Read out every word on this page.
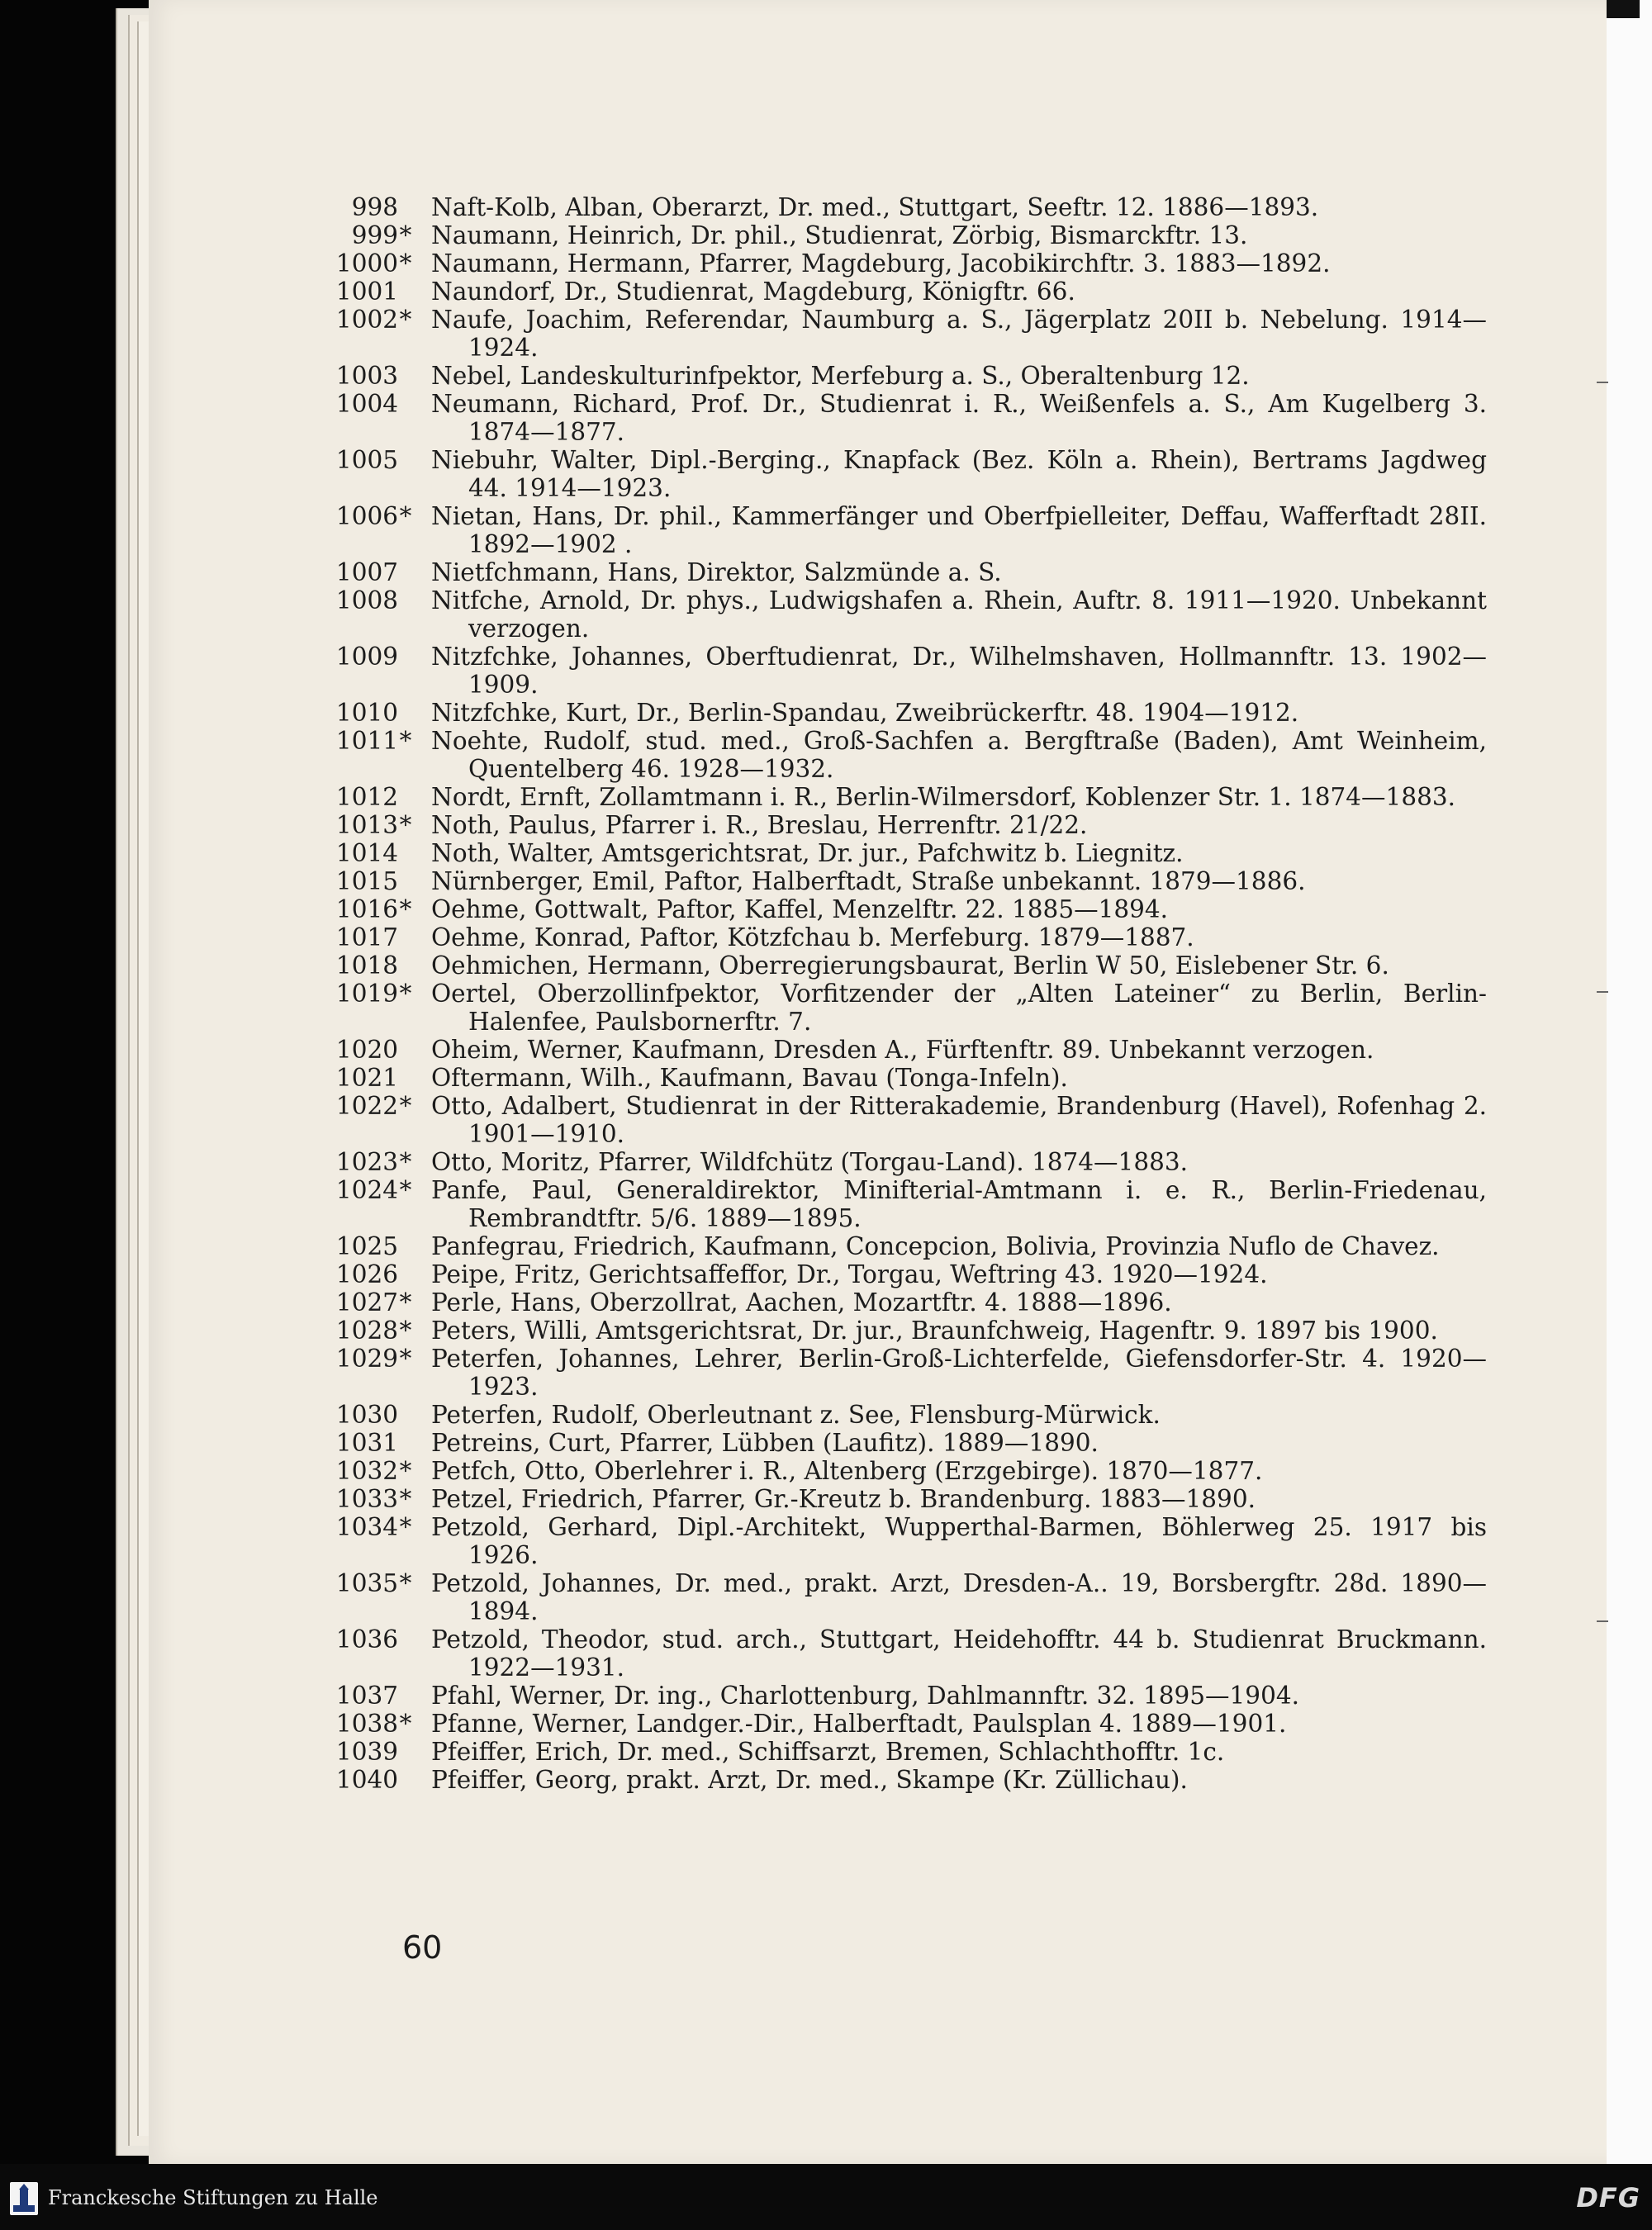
998	Naft-Kolb, Alban, Oberarzt, Dr. med., Stuttgart, Seeftr. 12. 1886—1893.
999* Naumann, Heinrich, Dr. phil., Studienrat, Zörbig, Bismarckftr. 13.
1000* Naumann, Hermann, Pfarrer, Magdeburg, Jacobikirchftr. 3. 1883—1892.
1001	Naundorf, Dr., Studienrat, Magdeburg, Königftr. 66.
1002* Naufe, Joachim, Referendar, Naumburg a. S., Jägerplatz 20II b. Nebelung. 1914—1924.
1003	Nebel, Landeskulturinfpektor, Merfeburg a. S., Oberaltenburg 12.
1004	Neumann, Richard, Prof. Dr., Studienrat i. R., Weißenfels a. S., Am Kugelberg 3. 1874—1877.
1005	Niebuhr, Walter, Dipl.-Berging., Knapfack (Bez. Köln a. Rhein), Bertrams Jagdweg 44. 1914—1923.
1006* Nietan, Hans, Dr. phil., Kammerfänger und Oberfpielleiter, Deffau, Wafferftadt 28II. 1892—1902 .
1007	Nietfchmann, Hans, Direktor, Salzmünde a. S.
1008	Nitfche, Arnold, Dr. phys., Ludwigshafen a. Rhein, Auftr. 8. 1911—1920. Unbekannt verzogen.
1009	Nitzfchke, Johannes, Oberftudienrat, Dr., Wilhelmshaven, Hollmannftr. 13. 1902—1909.
1010	Nitzfchke, Kurt, Dr., Berlin-Spandau, Zweibrückerftr. 48. 1904—1912.
1011* Noehte, Rudolf, stud. med., Groß-Sachfen a. Bergftraße (Baden), Amt Weinheim, Quentelberg 46. 1928—1932.
1012	Nordt, Ernft, Zollamtmann i. R., Berlin-Wilmersdorf, Koblenzer Str. 1. 1874—1883.
1013* Noth, Paulus, Pfarrer i. R., Breslau, Herrenftr. 21/22.
1014	Noth, Walter, Amtsgerichtsrat, Dr. jur., Pafchwitz b. Liegnitz.
1015	Nürnberger, Emil, Paftor, Halberftadt, Straße unbekannt. 1879—1886.
1016* Oehme, Gottwalt, Paftor, Kaffel, Menzelftr. 22. 1885—1894.
1017	Oehme, Konrad, Paftor, Kötzfchau b. Merfeburg. 1879—1887.
1018	Oehmichen, Hermann, Oberregierungsbaurat, Berlin W 50, Eislebener Str. 6.
1019* Oertel, Oberzollinfpektor, Vorfitzender der „Alten Lateiner“ zu Berlin, Berlin-Halenfee, Paulsbornerftr. 7.
1020	Oheim, Werner, Kaufmann, Dresden A., Fürftenftr. 89. Unbekannt verzogen.
1021	Oftermann, Wilh., Kaufmann, Bavau (Tonga-Infeln).
1022* Otto, Adalbert, Studienrat in der Ritterakademie, Brandenburg (Havel), Rofenhag 2. 1901—1910.
1023* Otto, Moritz, Pfarrer, Wildfchütz (Torgau-Land). 1874—1883.
1024* Panfe, Paul, Generaldirektor, Minifterial-Amtmann i. e. R., Berlin-Friedenau, Rembrandtftr. 5/6. 1889—1895.
1025	Panfegrau, Friedrich, Kaufmann, Concepcion, Bolivia, Provinzia Nuflo de Chavez.
1026	Peipe, Fritz, Gerichtsaffeffor, Dr., Torgau, Weftring 43. 1920—1924.
1027* Perle, Hans, Oberzollrat, Aachen, Mozartftr. 4. 1888—1896.
1028* Peters, Willi, Amtsgerichtsrat, Dr. jur., Braunfchweig, Hagenftr. 9. 1897 bis 1900.
1029* Peterfen, Johannes, Lehrer, Berlin-Groß-Lichterfelde, Giefensdorfer-Str. 4. 1920—1923.
1030	Peterfen, Rudolf, Oberleutnant z. See, Flensburg-Mürwick.
1031	Petreins, Curt, Pfarrer, Lübben (Laufitz). 1889—1890.
1032* Petfch, Otto, Oberlehrer i. R., Altenberg (Erzgebirge). 1870—1877.
1033* Petzel, Friedrich, Pfarrer, Gr.-Kreutz b. Brandenburg. 1883—1890.
1034* Petzold, Gerhard, Dipl.-Architekt, Wupperthal-Barmen, Böhlerweg 25. 1917 bis 1926.
1035* Petzold, Johannes, Dr. med., prakt. Arzt, Dresden-A.. 19, Borsbergftr. 28d. 1890—1894.
1036	Petzold, Theodor, stud. arch., Stuttgart, Heidehofftr. 44 b. Studienrat Bruckmann. 1922—1931.
1037	Pfahl, Werner, Dr. ing., Charlottenburg, Dahlmannftr. 32. 1895—1904.
1038* Pfanne, Werner, Landger.-Dir., Halberftadt, Paulsplan 4. 1889—1901.
1039	Pfeiffer, Erich, Dr. med., Schiffsarzt, Bremen, Schlachthofftr. 1c.
1040	Pfeiffer, Georg, prakt. Arzt, Dr. med., Skampe (Kr. Züllichau).
60
Franckesche Stiftungen zu Halle	DFG
